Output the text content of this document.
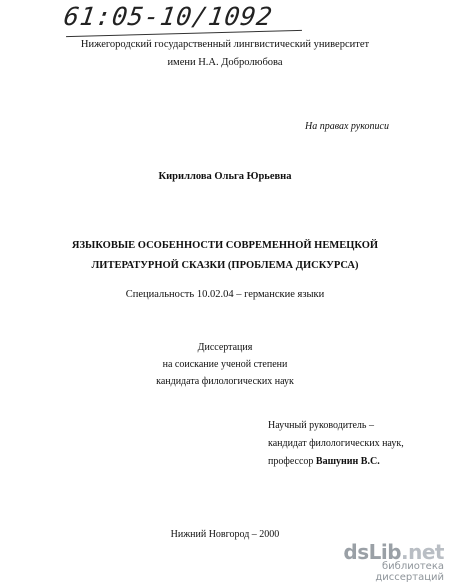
61:05-10/1092
Нижегородский государственный лингвистический университет
имени Н.А. Добролюбова
На правах рукописи
Кириллова Ольга Юрьевна
ЯЗЫКОВЫЕ ОСОБЕННОСТИ СОВРЕМЕННОЙ НЕМЕЦКОЙ
ЛИТЕРАТУРНОЙ СКАЗКИ (ПРОБЛЕМА ДИСКУРСА)
Специальность 10.02.04 – германские языки
Диссертация
на соискание ученой степени
кандидата филологических наук
Научный руководитель –
кандидат филологических наук,
профессор Вашунин В.С.
Нижний Новгород – 2000
dsLib.net
библиотека диссертаций
